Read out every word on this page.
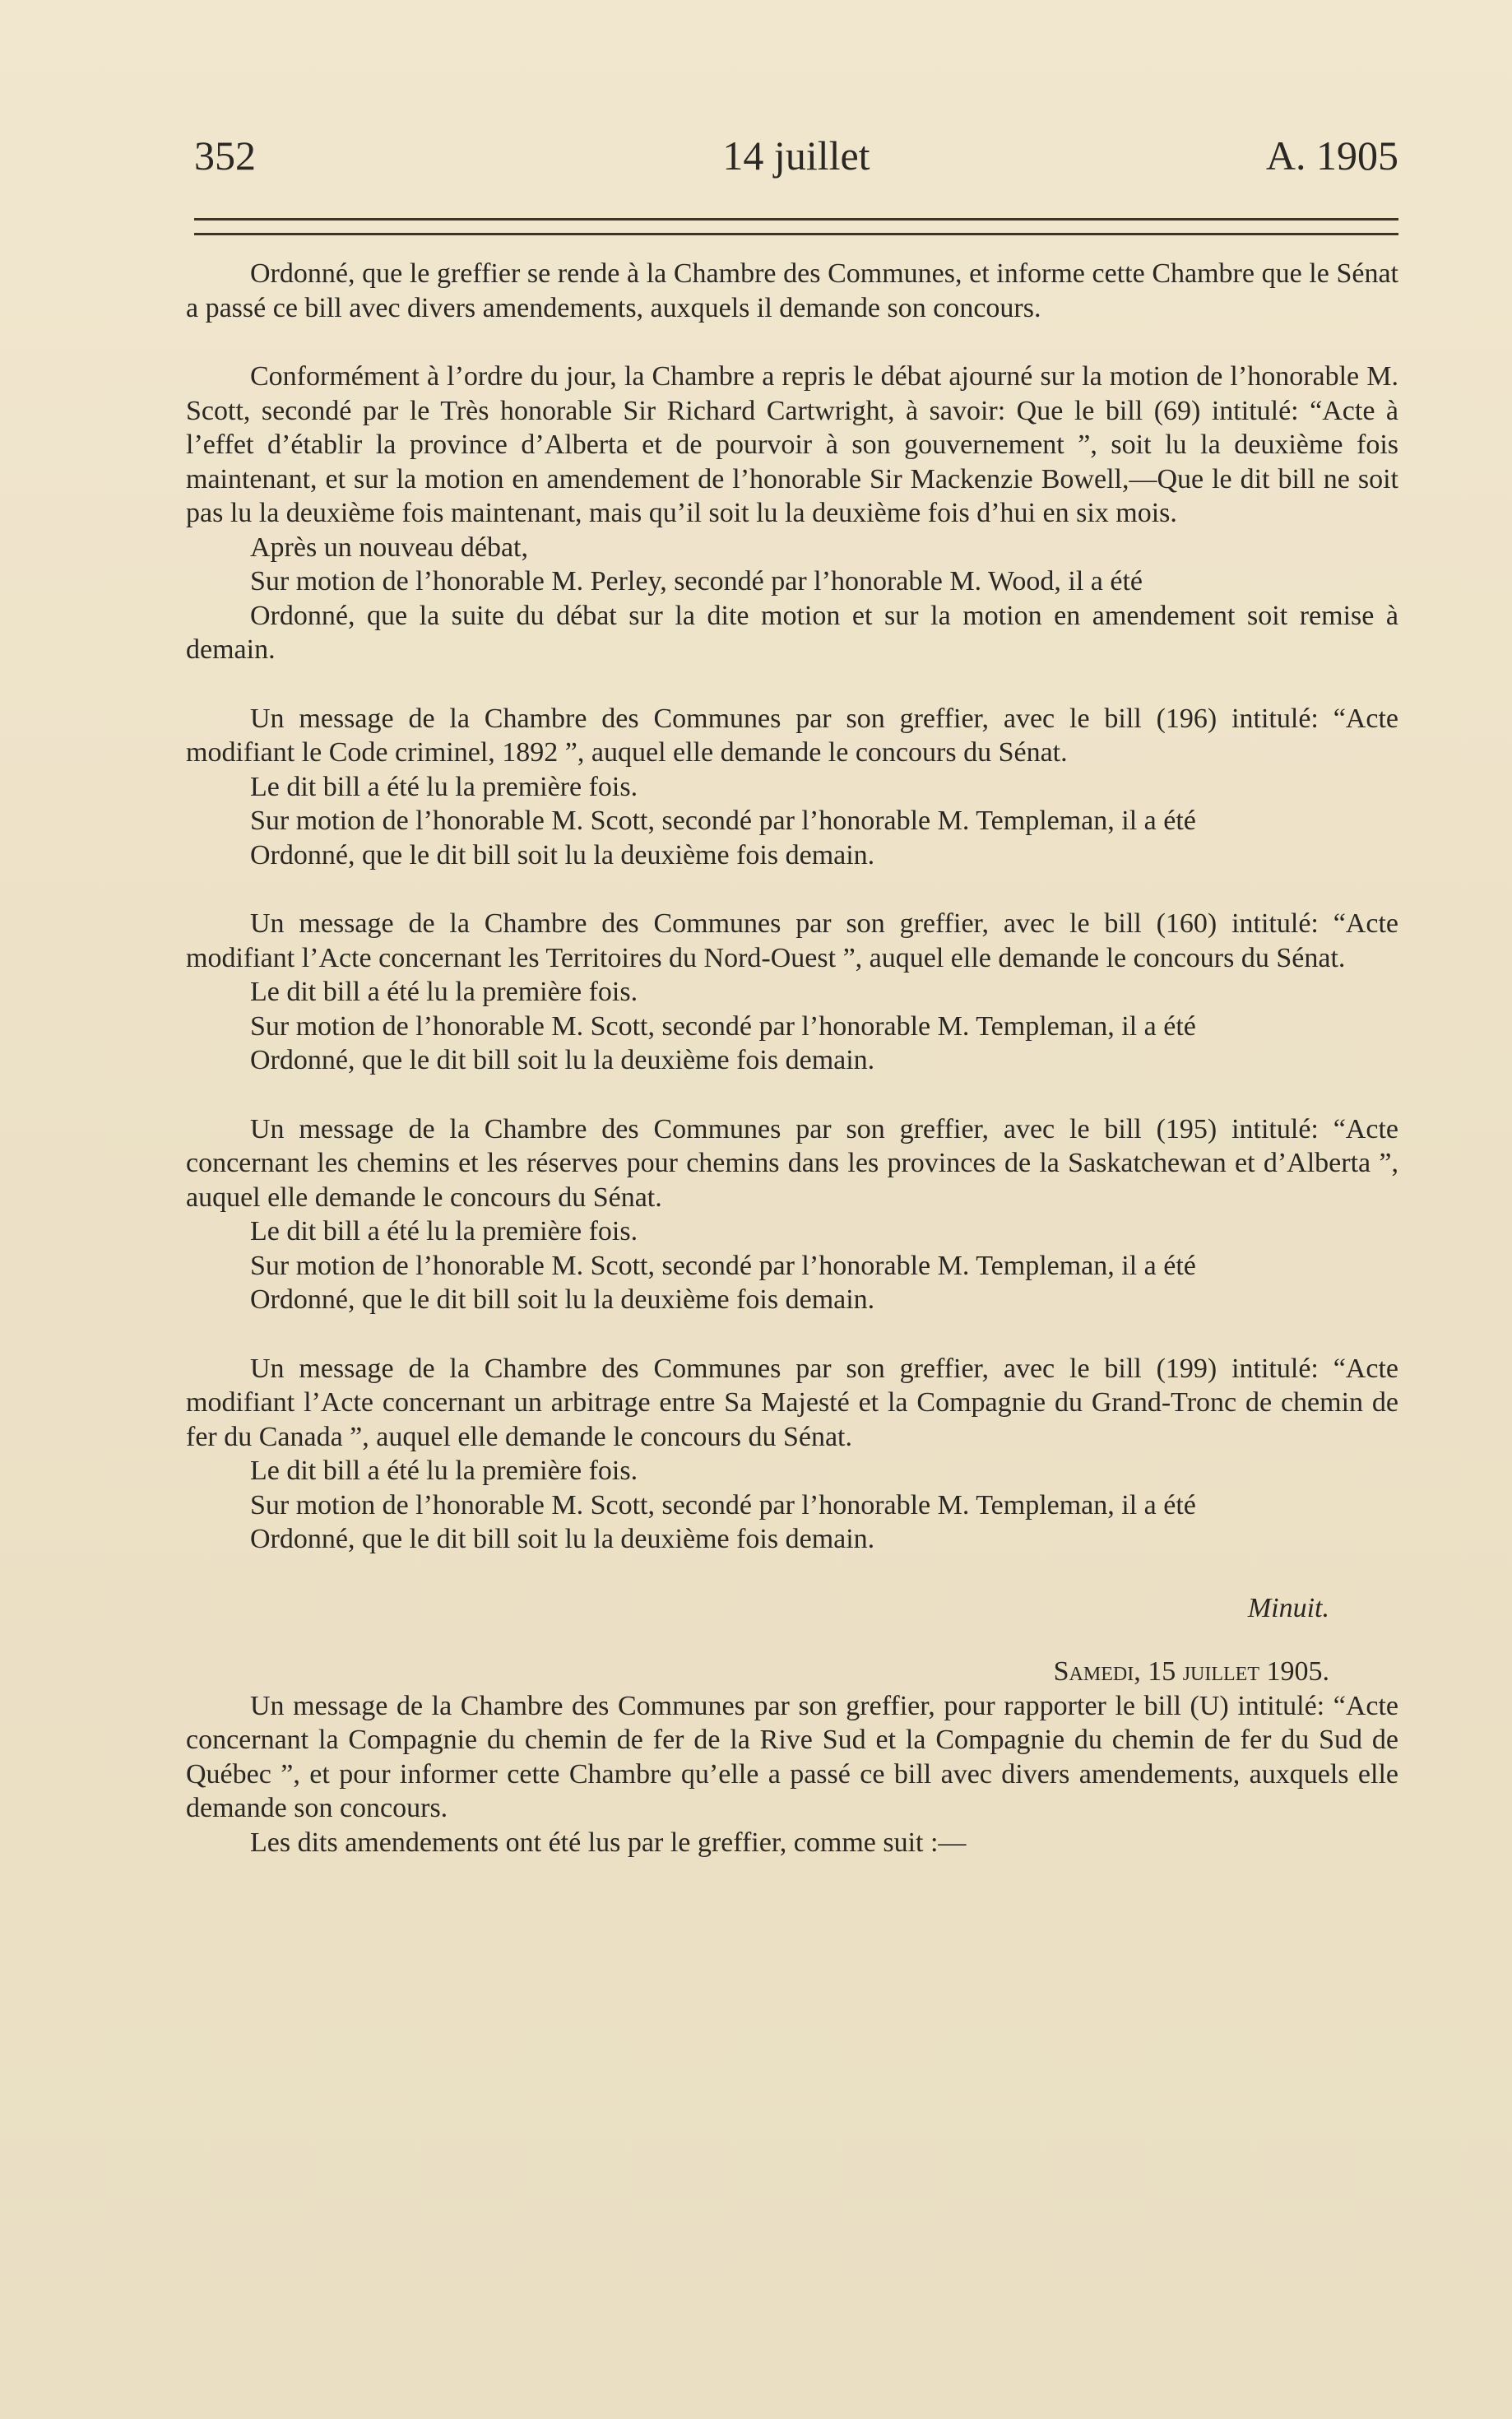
352	14 juillet	A. 1905

Ordonné, que le greffier se rende à la Chambre des Communes, et informe cette Chambre que le Sénat a passé ce bill avec divers amendements, auxquels il demande son concours.

Conformément à l’ordre du jour, la Chambre a repris le débat ajourné sur la motion de l’honorable M. Scott, secondé par le Très honorable Sir Richard Cartwright, à savoir: Que le bill (69) intitulé: “Acte à l’effet d’établir la province d’Alberta et de pourvoir à son gouvernement ”, soit lu la deuxième fois maintenant, et sur la motion en amendement de l’honorable Sir Mackenzie Bowell,—Que le dit bill ne soit pas lu la deuxième fois maintenant, mais qu’il soit lu la deuxième fois d’hui en six mois.

Après un nouveau débat,

Sur motion de l’honorable M. Perley, secondé par l’honorable M. Wood, il a été

Ordonné, que la suite du débat sur la dite motion et sur la motion en amendement soit remise à demain.

Un message de la Chambre des Communes par son greffier, avec le bill (196) intitulé: “Acte modifiant le Code criminel, 1892 ”, auquel elle demande le concours du Sénat.

Le dit bill a été lu la première fois.

Sur motion de l’honorable M. Scott, secondé par l’honorable M. Templeman, il a été

Ordonné, que le dit bill soit lu la deuxième fois demain.

Un message de la Chambre des Communes par son greffier, avec le bill (160) intitulé: “Acte modifiant l’Acte concernant les Territoires du Nord-Ouest ”, auquel elle demande le concours du Sénat.

Le dit bill a été lu la première fois.

Sur motion de l’honorable M. Scott, secondé par l’honorable M. Templeman, il a été

Ordonné, que le dit bill soit lu la deuxième fois demain.

Un message de la Chambre des Communes par son greffier, avec le bill (195) intitulé: “Acte concernant les chemins et les réserves pour chemins dans les provinces de la Saskatchewan et d’Alberta ”, auquel elle demande le concours du Sénat.

Le dit bill a été lu la première fois.

Sur motion de l’honorable M. Scott, secondé par l’honorable M. Templeman, il a été

Ordonné, que le dit bill soit lu la deuxième fois demain.

Un message de la Chambre des Communes par son greffier, avec le bill (199) intitulé: “Acte modifiant l’Acte concernant un arbitrage entre Sa Majesté et la Compagnie du Grand-Tronc de chemin de fer du Canada ”, auquel elle demande le concours du Sénat.

Le dit bill a été lu la première fois.

Sur motion de l’honorable M. Scott, secondé par l’honorable M. Templeman, il a été

Ordonné, que le dit bill soit lu la deuxième fois demain.

Minuit.

Samedi, 15 juillet 1905.

Un message de la Chambre des Communes par son greffier, pour rapporter le bill (U) intitulé: “Acte concernant la Compagnie du chemin de fer de la Rive Sud et la Compagnie du chemin de fer du Sud de Québec ”, et pour informer cette Chambre qu’elle a passé ce bill avec divers amendements, auxquels elle demande son concours.

Les dits amendements ont été lus par le greffier, comme suit :—
